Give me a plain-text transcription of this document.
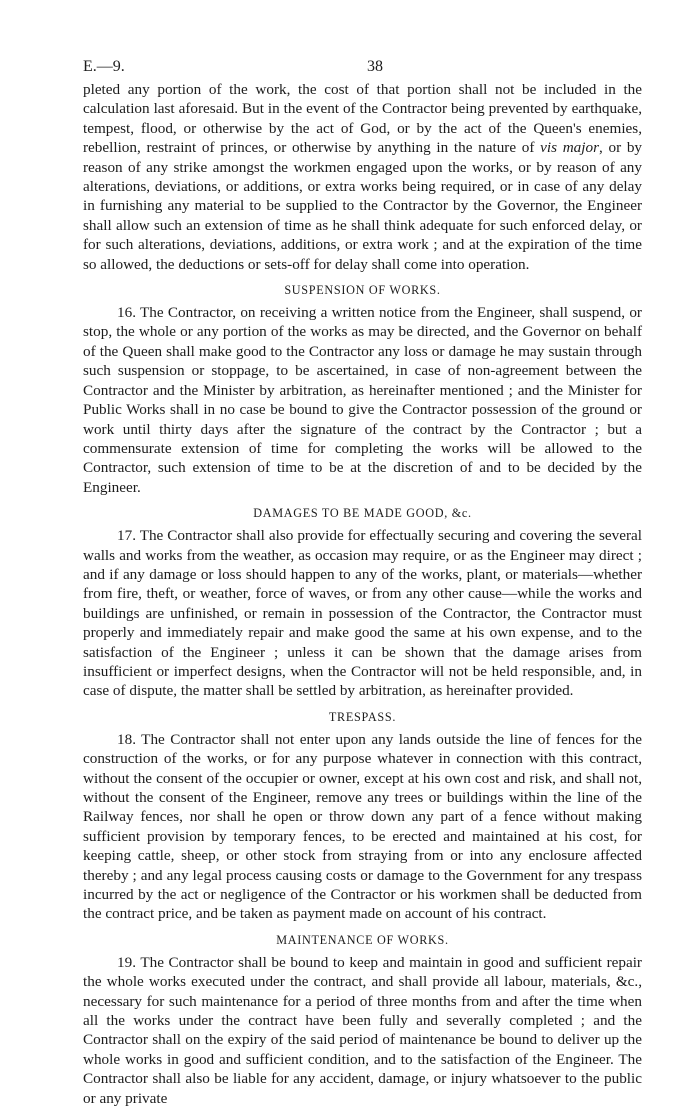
E.—9.	38

pleted any portion of the work, the cost of that portion shall not be included in the calculation last aforesaid. But in the event of the Contractor being prevented by earthquake, tempest, flood, or otherwise by the act of God, or by the act of the Queen's enemies, rebellion, restraint of princes, or otherwise by anything in the nature of vis major, or by reason of any strike amongst the workmen engaged upon the works, or by reason of any alterations, deviations, or additions, or extra works being required, or in case of any delay in furnishing any material to be supplied to the Contractor by the Governor, the Engineer shall allow such an extension of time as he shall think adequate for such enforced delay, or for such alterations, deviations, additions, or extra work ; and at the expiration of the time so allowed, the deductions or sets-off for delay shall come into operation.

SUSPENSION OF WORKS.

16. The Contractor, on receiving a written notice from the Engineer, shall suspend, or stop, the whole or any portion of the works as may be directed, and the Governor on behalf of the Queen shall make good to the Contractor any loss or damage he may sustain through such suspension or stoppage, to be ascertained, in case of non-agreement between the Contractor and the Minister by arbitration, as hereinafter mentioned ; and the Minister for Public Works shall in no case be bound to give the Contractor possession of the ground or work until thirty days after the signature of the contract by the Contractor ; but a commensurate extension of time for completing the works will be allowed to the Contractor, such extension of time to be at the discretion of and to be decided by the Engineer.

DAMAGES TO BE MADE GOOD, &c.

17. The Contractor shall also provide for effectually securing and covering the several walls and works from the weather, as occasion may require, or as the Engineer may direct ; and if any damage or loss should happen to any of the works, plant, or materials—whether from fire, theft, or weather, force of waves, or from any other cause—while the works and buildings are unfinished, or remain in possession of the Contractor, the Contractor must properly and immediately repair and make good the same at his own expense, and to the satisfaction of the Engineer ; unless it can be shown that the damage arises from insufficient or imperfect designs, when the Contractor will not be held responsible, and, in case of dispute, the matter shall be settled by arbitration, as hereinafter provided.

TRESPASS.

18. The Contractor shall not enter upon any lands outside the line of fences for the construction of the works, or for any purpose whatever in connection with this contract, without the consent of the occupier or owner, except at his own cost and risk, and shall not, without the consent of the Engineer, remove any trees or buildings within the line of the Railway fences, nor shall he open or throw down any part of a fence without making sufficient provision by temporary fences, to be erected and maintained at his cost, for keeping cattle, sheep, or other stock from straying from or into any enclosure affected thereby ; and any legal process causing costs or damage to the Government for any trespass incurred by the act or negligence of the Contractor or his workmen shall be deducted from the contract price, and be taken as payment made on account of his contract.

MAINTENANCE OF WORKS.

19. The Contractor shall be bound to keep and maintain in good and sufficient repair the whole works executed under the contract, and shall provide all labour, materials, &c., necessary for such maintenance for a period of three months from and after the time when all the works under the contract have been fully and severally completed ; and the Contractor shall on the expiry of the said period of maintenance be bound to deliver up the whole works in good and sufficient condition, and to the satisfaction of the Engineer. The Contractor shall also be liable for any accident, damage, or injury whatsoever to the public or any private
